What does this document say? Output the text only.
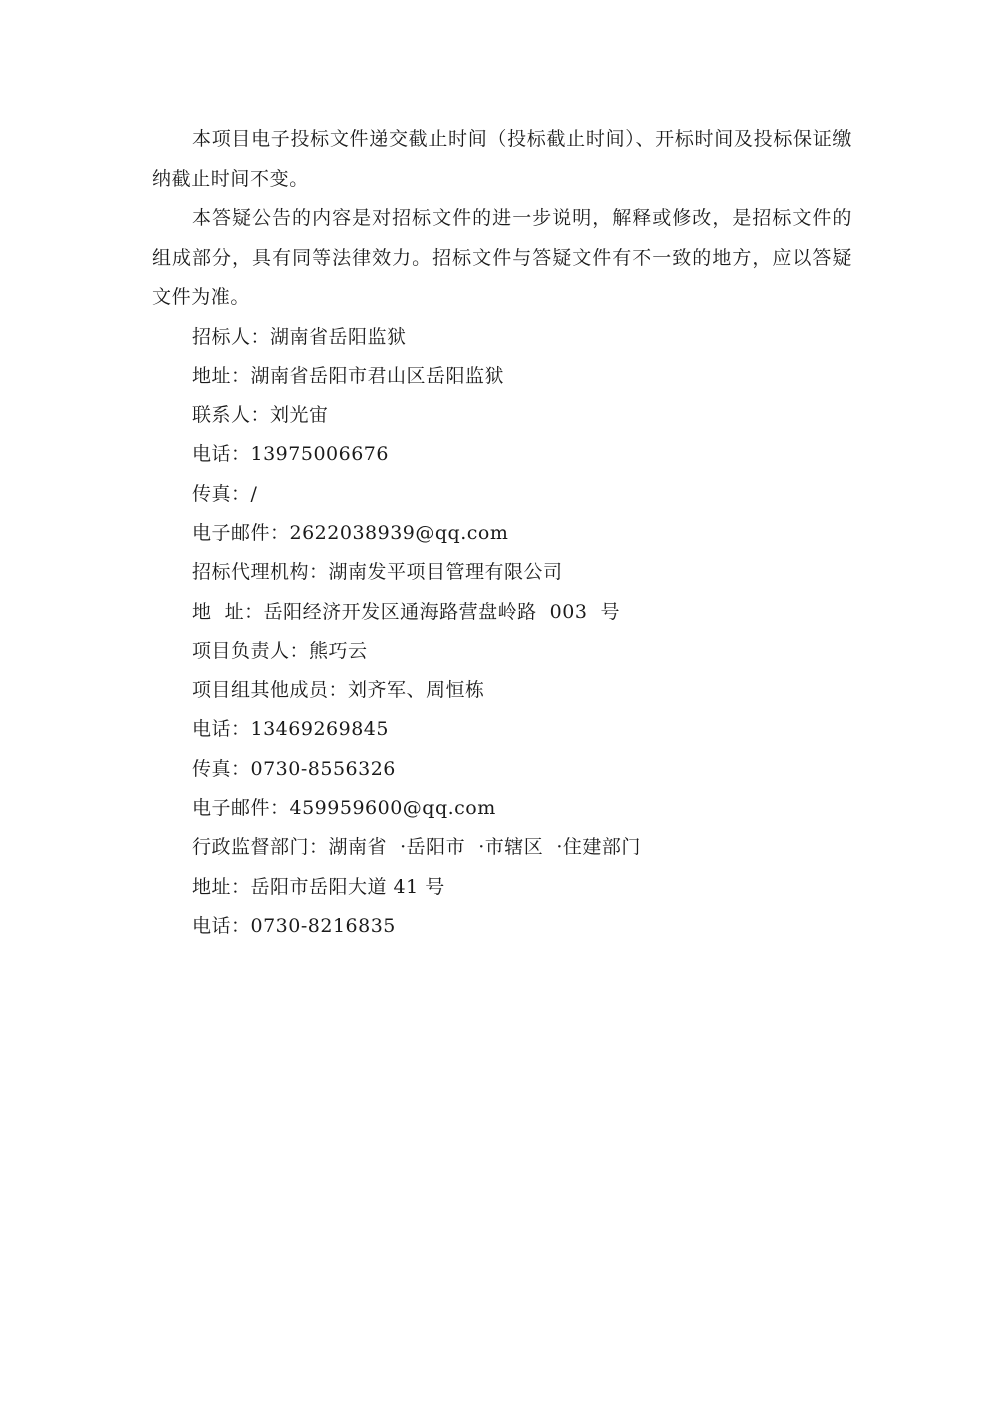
本项目电子投标文件递交截止时间（投标截止时间）、开标时间及投标保证缴纳截止时间不变。

本答疑公告的内容是对招标文件的进一步说明，解释或修改，是招标文件的组成部分，具有同等法律效力。招标文件与答疑文件有不一致的地方，应以答疑文件为准。

招标人：湖南省岳阳监狱

地址：湖南省岳阳市君山区岳阳监狱

联系人：刘光宙

电话：13975006676

传真：/

电子邮件：2622038939@qq.com

招标代理机构：湖南发平项目管理有限公司

地  址：岳阳经济开发区通海路营盘岭路  003  号

项目负责人：熊巧云

项目组其他成员：刘齐军、周恒栋

电话：13469269845

传真：0730-8556326

电子邮件：459959600@qq.com

行政监督部门：湖南省  ·岳阳市  ·市辖区  ·住建部门

地址：岳阳市岳阳大道 41 号

电话：0730-8216835
